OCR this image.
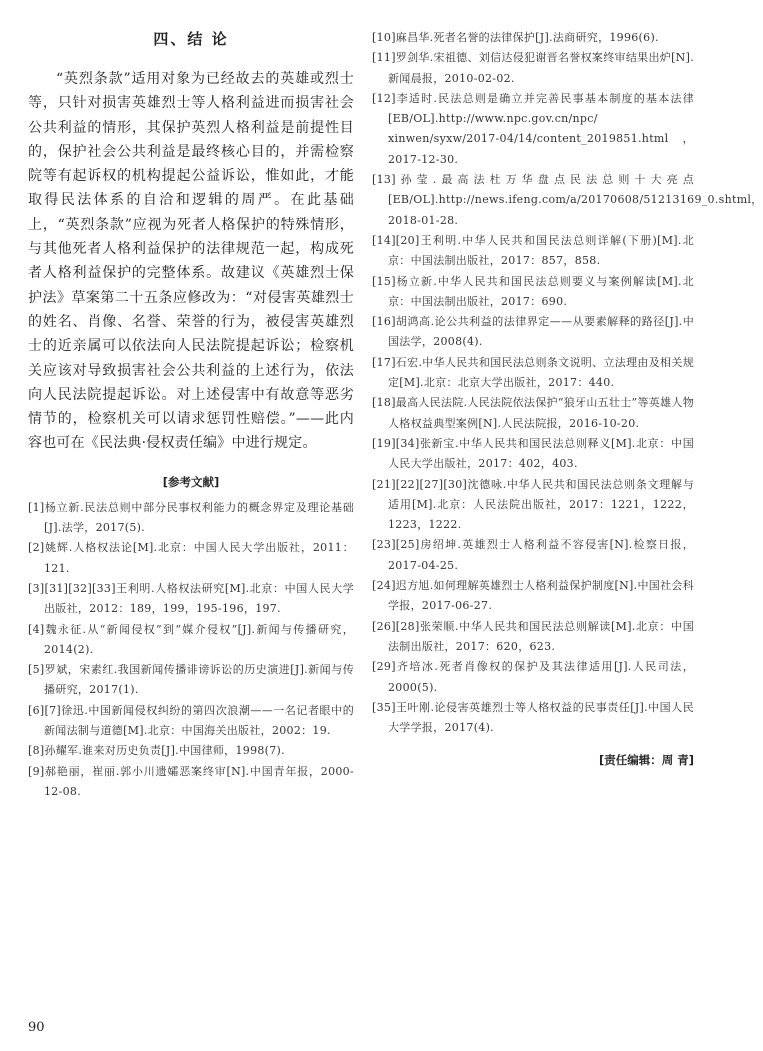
四、结 论

“英烈条款”适用对象为已经故去的英雄或烈士等，只针对损害英雄烈士等人格利益进而损害社会公共利益的情形，其保护英烈人格利益是前提性目的，保护社会公共利益是最终核心目的，并需检察院等有起诉权的机构提起公益诉讼，惟如此，才能取得民法体系的自洽和逻辑的周严。在此基础上，“英烈条款”应视为死者人格保护的特殊情形，与其他死者人格利益保护的法律规范一起，构成死者人格利益保护的完整体系。故建议《英雄烈士保护法》草案第二十五条应修改为：“对侵害英雄烈士的姓名、肖像、名誉、荣誉的行为，被侵害英雄烈士的近亲属可以依法向人民法院提起诉讼；检察机关应该对导致损害社会公共利益的上述行为，依法向人民法院提起诉讼。对上述侵害中有故意等恶劣情节的，检察机关可以请求惩罚性赔偿。”——此内容也可在《民法典·侵权责任编》中进行规定。

[参考文献]
[1]杨立新.民法总则中部分民事权利能力的概念界定及理论基础[J].法学，2017(5).
[2]姚辉.人格权法论[M].北京：中国人民大学出版社，2011：121.
[3][31][32][33]王利明.人格权法研究[M].北京：中国人民大学出版社，2012：189，199，195-196，197.
[4]魏永征.从“新闻侵权”到“媒介侵权”[J].新闻与传播研究，2014(2).
[5]罗斌，宋素红.我国新闻传播诽谤诉讼的历史演进[J].新闻与传播研究，2017(1).
[6][7]徐迅.中国新闻侵权纠纷的第四次浪潮——一名记者眼中的新闻法制与道德[M].北京：中国海关出版社，2002：19.
[8]孙耀军.谁来对历史负责[J].中国律师，1998(7).
[9]郝艳丽，崔丽.郭小川遗孀恶案终审[N].中国青年报，2000-12-08.
[10]麻昌华.死者名誉的法律保护[J].法商研究，1996(6).
[11]罗剑华.宋祖德、刘信达侵犯谢晋名誉权案终审结果出炉[N].新闻晨报，2010-02-02.
[12]李适时.民法总则是确立并完善民事基本制度的基本法律[EB/OL].http://www.npc.gov.cn/npc/ xinwen/syxw/2017-04/14/content_2019851.html，2017-12-30.
[13]孙莹.最高法杜万华盘点民法总则十大亮点[EB/OL].http://news.ifeng.com/a/20170608/51213169_0.shtml，2018-01-28.
[14][20]王利明.中华人民共和国民法总则详解(下册)[M].北京：中国法制出版社，2017：857，858.
[15]杨立新.中华人民共和国民法总则要义与案例解读[M].北京：中国法制出版社，2017：690.
[16]胡鸿高.论公共利益的法律界定——从要素解释的路径[J].中国法学，2008(4).
[17]石宏.中华人民共和国民法总则条文说明、立法理由及相关规定[M].北京：北京大学出版社，2017：440.
[18]最高人民法院.人民法院依法保护“狼牙山五壮士”等英雄人物人格权益典型案例[N].人民法院报，2016-10-20.
[19][34]张新宝.中华人民共和国民法总则释义[M].北京：中国人民大学出版社，2017：402，403.
[21][22][27][30]沈德咏.中华人民共和国民法总则条文理解与适用[M].北京：人民法院出版社，2017：1221，1222，1223，1222.
[23][25]房绍坤.英雄烈士人格利益不容侵害[N].检察日报，2017-04-25.
[24]迟方旭.如何理解英雄烈士人格利益保护制度[N].中国社会科学报，2017-06-27.
[26][28]张荣顺.中华人民共和国民法总则解读[M].北京：中国法制出版社，2017：620，623.
[29]齐培冰.死者肖像权的保护及其法律适用[J].人民司法，2000(5).
[35]王叶刚.论侵害英雄烈士等人格权益的民事责任[J].中国人民大学学报，2017(4).
[责任编辑：周 青]
90
